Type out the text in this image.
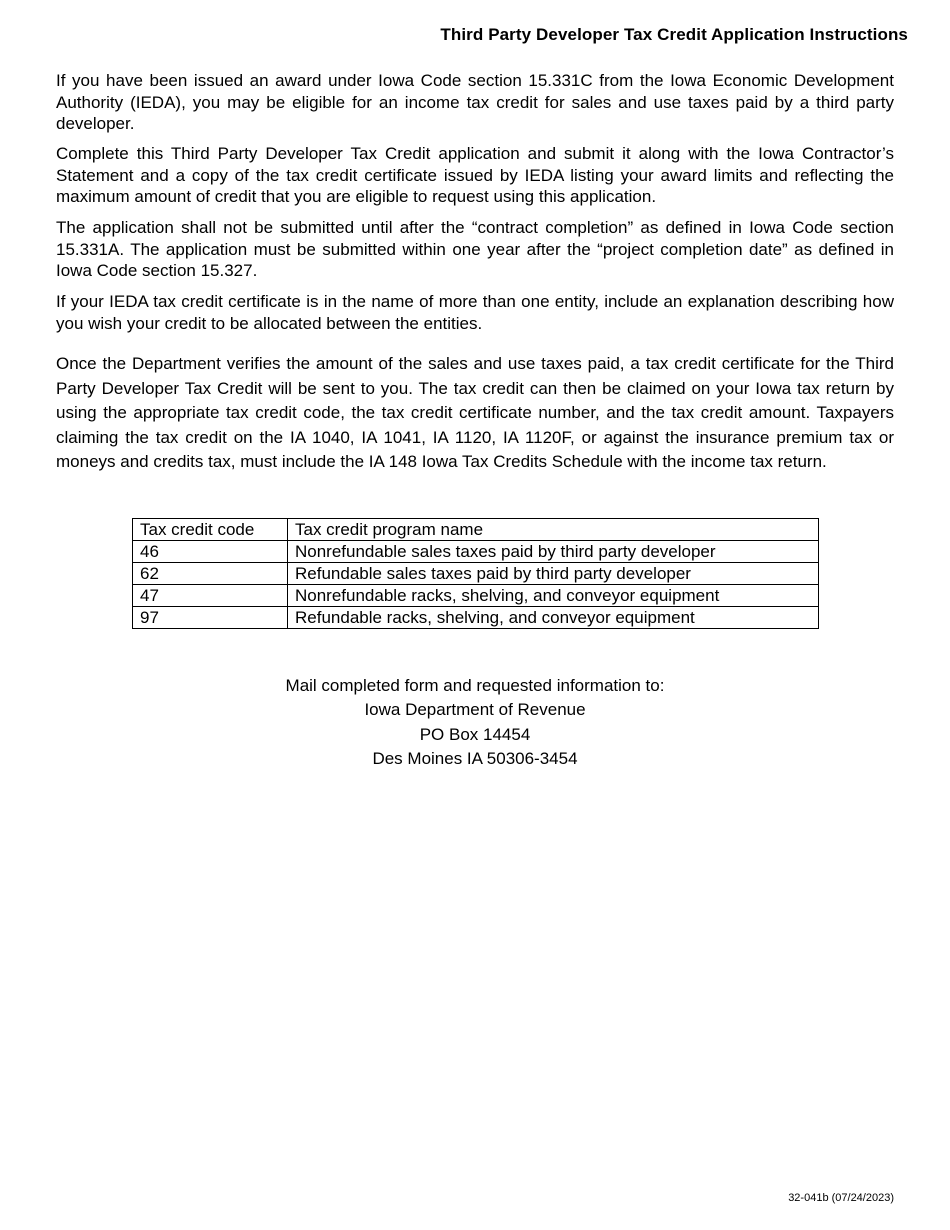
Third Party Developer Tax Credit Application Instructions

If you have been issued an award under Iowa Code section 15.331C from the Iowa Economic Development Authority (IEDA), you may be eligible for an income tax credit for sales and use taxes paid by a third party developer.

Complete this Third Party Developer Tax Credit application and submit it along with the Iowa Contractor’s Statement and a copy of the tax credit certificate issued by IEDA listing your award limits and reflecting the maximum amount of credit that you are eligible to request using this application.

The application shall not be submitted until after the “contract completion” as defined in Iowa Code section 15.331A. The application must be submitted within one year after the “project completion date” as defined in Iowa Code section 15.327.

If your IEDA tax credit certificate is in the name of more than one entity, include an explanation describing how you wish your credit to be allocated between the entities.

Once the Department verifies the amount of the sales and use taxes paid, a tax credit certificate for the Third Party Developer Tax Credit will be sent to you. The tax credit can then be claimed on your Iowa tax return by using the appropriate tax credit code, the tax credit certificate number, and the tax credit amount. Taxpayers claiming the tax credit on the IA 1040, IA 1041, IA 1120, IA 1120F, or against the insurance premium tax or moneys and credits tax, must include the IA 148 Iowa Tax Credits Schedule with the income tax return.

Tax credit code	Tax credit program name
46	Nonrefundable sales taxes paid by third party developer
62	Refundable sales taxes paid by third party developer
47	Nonrefundable racks, shelving, and conveyor equipment
97	Refundable racks, shelving, and conveyor equipment
Mail completed form and requested information to:
Iowa Department of Revenue
PO Box 14454
Des Moines IA 50306-3454
32-041b (07/24/2023)
